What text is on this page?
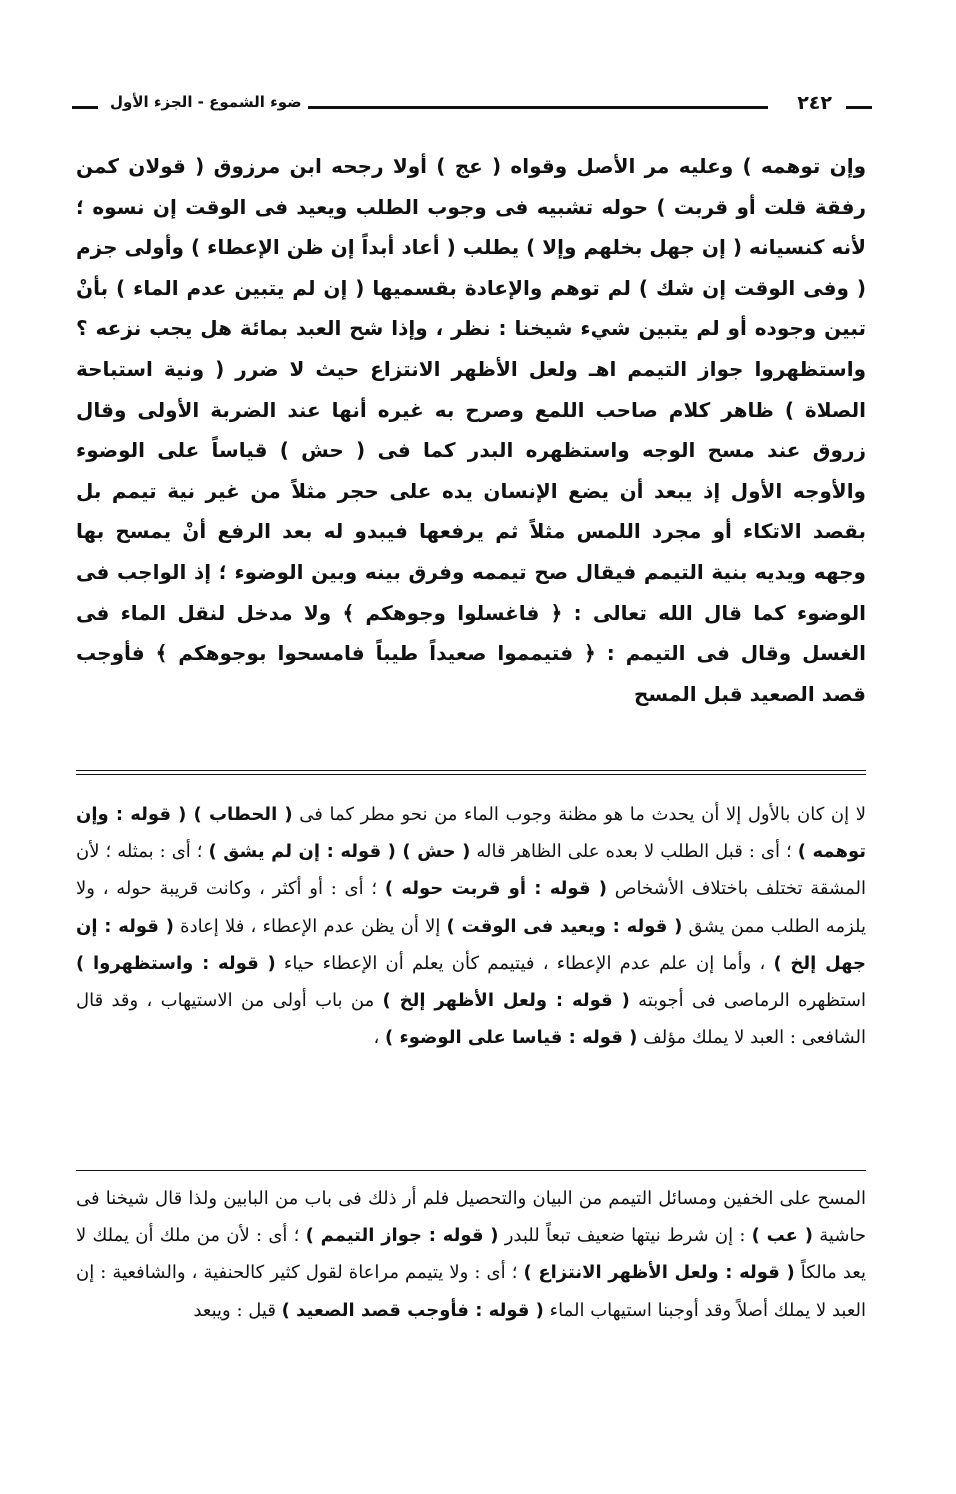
٢٤٢
ضوء الشموع - الجزء الأول

وإن توهمه ) وعليه مر الأصل وقواه ( عج ) أولا رجحه ابن مرزوق ( قولان كمن رفقة قلت أو قربت ) حوله تشبيه فى وجوب الطلب ويعيد فى الوقت إن نسوه ؛ لأنه كنسيانه ( إن جهل بخلهم وإلا ) يطلب ( أعاد أبداً إن ظن الإعطاء ) وأولى جزم ( وفى الوقت إن شك ) لم توهم والإعادة بقسميها ( إن لم يتبين عدم الماء ) بأنْ تبين وجوده أو لم يتبين شيء شيخنا : نظر ، وإذا شح العبد بمائة هل يجب نزعه ؟ واستظهروا جواز التيمم اهـ ولعل الأظهر الانتزاع حيث لا ضرر ( ونية استباحة الصلاة ) ظاهر كلام صاحب اللمع وصرح به غيره أنها عند الضربة الأولى وقال زروق عند مسح الوجه واستظهره البدر كما فى ( حش ) قياساً على الوضوء والأوجه الأول إذ يبعد أن يضع الإنسان يده على حجر مثلاً من غير نية تيمم بل بقصد الاتكاء أو مجرد اللمس مثلاً ثم يرفعها فيبدو له بعد الرفع أنْ يمسح بها وجهه ويديه بنية التيمم فيقال صح تيممه وفرق بينه وبين الوضوء ؛ إذ الواجب فى الوضوء كما قال الله تعالى : ﴿ فاغسلوا وجوهكم ﴾ ولا مدخل لنقل الماء فى الغسل وقال فى التيمم : ﴿ فتيمموا صعيداً طيباً فامسحوا بوجوهكم ﴾ فأوجب قصد الصعيد قبل المسح

لا إن كان بالأول إلا أن يحدث ما هو مظنة وجوب الماء من نحو مطر كما فى ( الحطاب ) ( قوله : وإن توهمه ) ؛ أى : قبل الطلب لا بعده على الظاهر قاله ( حش ) ( قوله : إن لم يشق ) ؛ أى : بمثله ؛ لأن المشقة تختلف باختلاف الأشخاص ( قوله : أو قربت حوله ) ؛ أى : أو أكثر ، وكانت قريبة حوله ، ولا يلزمه الطلب ممن يشق ( قوله : ويعيد فى الوقت ) إلا أن يظن عدم الإعطاء ، فلا إعادة ( قوله : إن جهل إلخ ) ، وأما إن علم عدم الإعطاء ، فيتيمم كأن يعلم أن الإعطاء حياء ( قوله : واستظهروا ) استظهره الرماصى فى أجوبته ( قوله : ولعل الأظهر إلخ ) من باب أولى من الاستيهاب ، وقد قال الشافعى : العبد لا يملك مؤلف ( قوله : قياسا على الوضوء ) ،

المسح على الخفين ومسائل التيمم من البيان والتحصيل فلم أر ذلك فى باب من البابين ولذا قال شيخنا فى حاشية ( عب ) : إن شرط نيتها ضعيف تبعاً للبدر ( قوله : جواز التيمم ) ؛ أى : لأن من ملك أن يملك لا يعد مالكاً ( قوله : ولعل الأظهر الانتزاع ) ؛ أى : ولا يتيمم مراعاة لقول كثير كالحنفية ، والشافعية : إن العبد لا يملك أصلاً وقد أوجبنا استيهاب الماء ( قوله : فأوجب قصد الصعيد ) قيل : ويبعد
